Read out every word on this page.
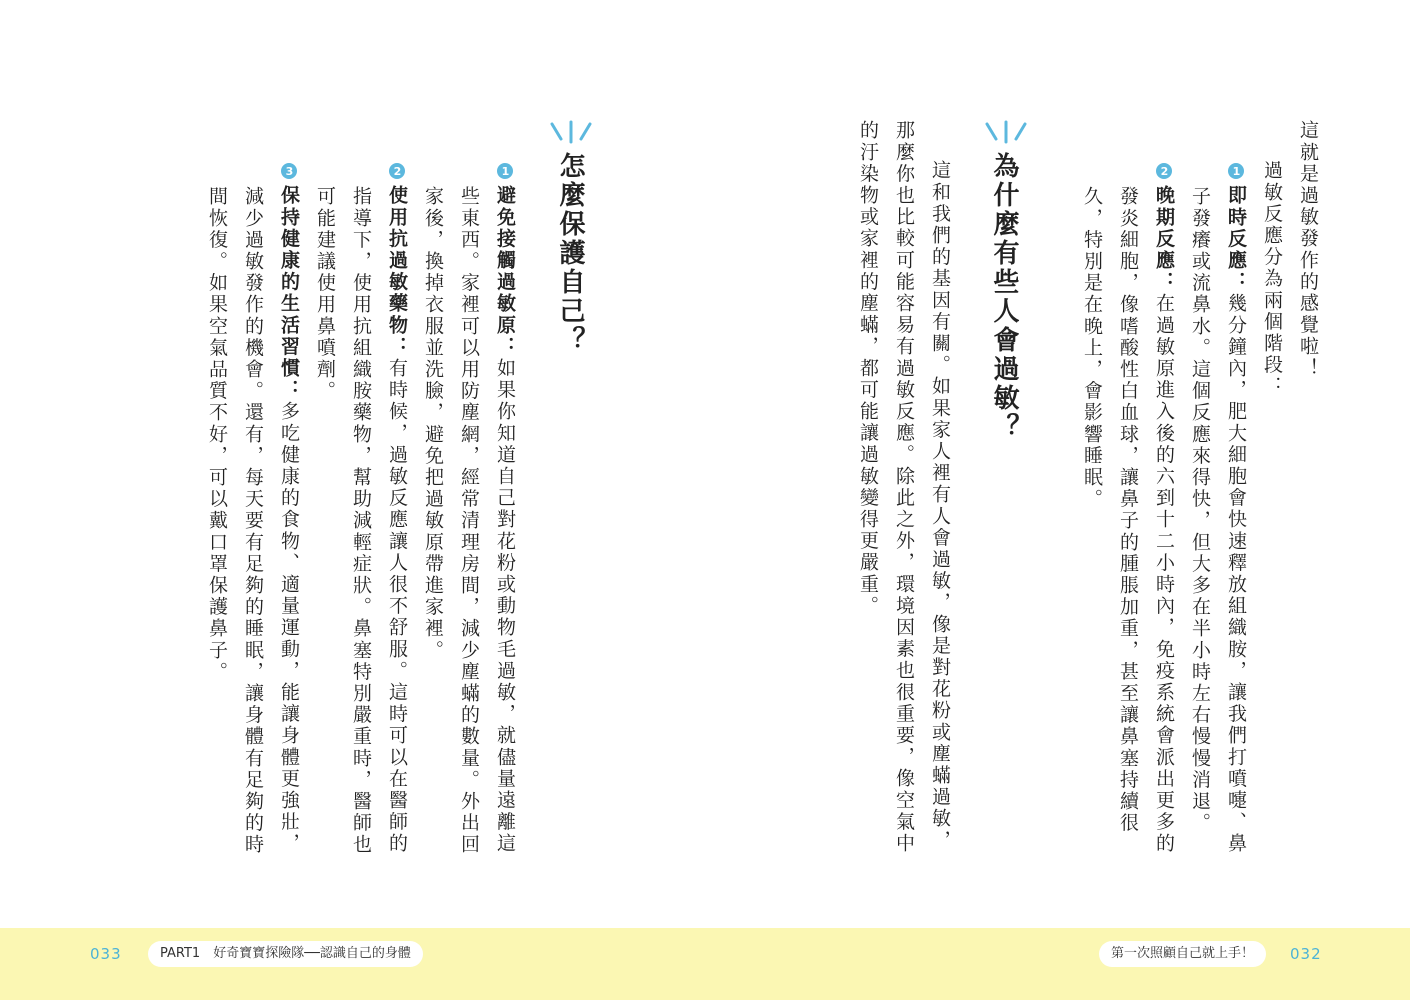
這就是過敏發作的感覺啦！
過敏反應分為兩個階段：
1即時反應：幾分鐘內，肥大細胞會快速釋放組織胺，讓我們打噴嚏、鼻
子發癢或流鼻水。這個反應來得快，但大多在半小時左右慢慢消退。
2晚期反應：在過敏原進入後的六到十二小時內，免疫系統會派出更多的
發炎細胞，像嗜酸性白血球，讓鼻子的腫脹加重，甚至讓鼻塞持續很
久，特別是在晚上，會影響睡眠。
為什麼有些人會過敏？
這和我們的基因有關。如果家人裡有人會過敏，像是對花粉或塵蟎過敏，
那麼你也比較可能容易有過敏反應。除此之外，環境因素也很重要，像空氣中
的汙染物或家裡的塵蟎，都可能讓過敏變得更嚴重。
怎麼保護自己？
1避免接觸過敏原：如果你知道自己對花粉或動物毛過敏，就儘量遠離這
些東西。家裡可以用防塵網，經常清理房間，減少塵蟎的數量。外出回
家後，換掉衣服並洗臉，避免把過敏原帶進家裡。
2使用抗過敏藥物：有時候，過敏反應讓人很不舒服。這時可以在醫師的
指導下，使用抗組織胺藥物，幫助減輕症狀。鼻塞特別嚴重時，醫師也
可能建議使用鼻噴劑。
3保持健康的生活習慣：多吃健康的食物、適量運動，能讓身體更強壯，
減少過敏發作的機會。還有，每天要有足夠的睡眠，讓身體有足夠的時
間恢復。如果空氣品質不好，可以戴口罩保護鼻子。
033	PART1　好奇寶寶探險隊──認識自己的身體	第一次照顧自己就上手！	032
